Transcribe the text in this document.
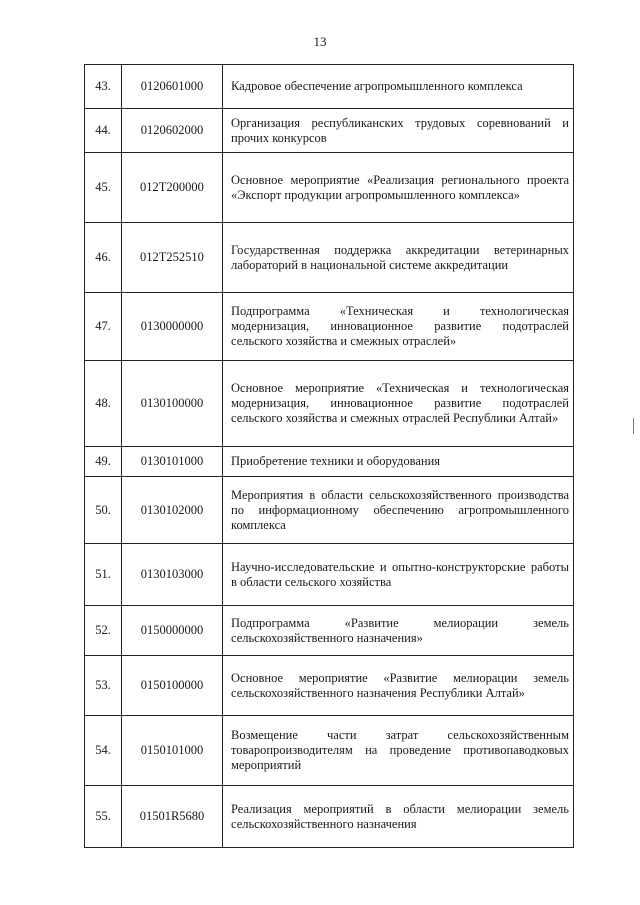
13
43.	0120601000	Кадровое обеспечение агропромышленного комплекса
44.	0120602000	Организация республиканских трудовых соревнований и прочих конкурсов
45.	012Т200000	Основное мероприятие «Реализация регионального проекта «Экспорт продукции агропромышленного комплекса»
46.	012Т252510	Государственная поддержка аккредитации ветеринарных лабораторий в национальной системе аккредитации
47.	0130000000	Подпрограмма «Техническая и технологическая модернизация, инновационное развитие подотраслей сельского хозяйства и смежных отраслей»
48.	0130100000	Основное мероприятие «Техническая и технологическая модернизация, инновационное развитие подотраслей сельского хозяйства и смежных отраслей Республики Алтай»
49.	0130101000	Приобретение техники и оборудования
50.	0130102000	Мероприятия в области сельскохозяйственного производства по информационному обеспечению агропромышленного комплекса
51.	0130103000	Научно-исследовательские и опытно-конструкторские работы в области сельского хозяйства
52.	0150000000	Подпрограмма «Развитие мелиорации земель сельскохозяйственного назначения»
53.	0150100000	Основное мероприятие «Развитие мелиорации земель сельскохозяйственного назначения Республики Алтай»
54.	0150101000	Возмещение части затрат сельскохозяйственным товаропроизводителям на проведение противопаводковых мероприятий
55.	01501R5680	Реализация мероприятий в области мелиорации земель сельскохозяйственного назначения
